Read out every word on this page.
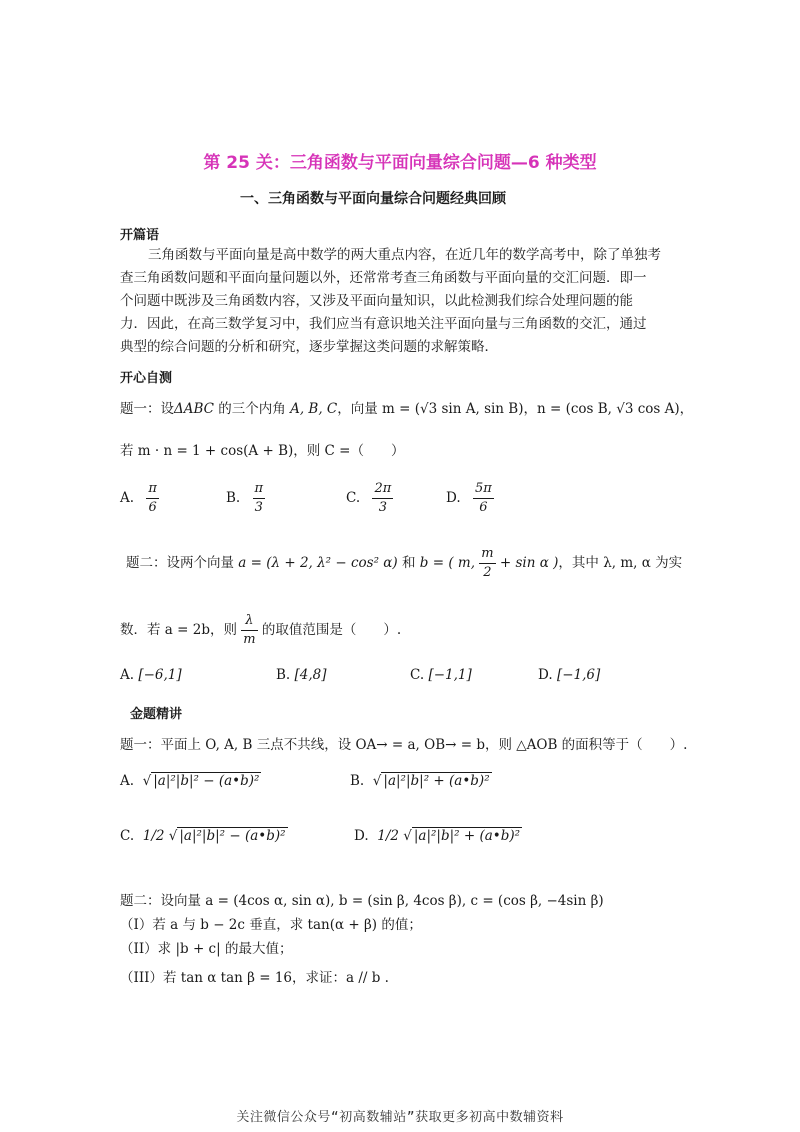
第 25 关：三角函数与平面向量综合问题—6 种类型
一、三角函数与平面向量综合问题经典回顾
开篇语

三角函数与平面向量是高中数学的两大重点内容，在近几年的数学高考中，除了单独考

查三角函数问题和平面向量问题以外，还常常考查三角函数与平面向量的交汇问题．即一

个问题中既涉及三角函数内容，又涉及平面向量知识，以此检测我们综合处理问题的能

力．因此，在高三数学复习中，我们应当有意识地关注平面向量与三角函数的交汇，通过

典型的综合问题的分析和研究，逐步掌握这类问题的求解策略．

开心自测
题一：设ΔABC 的三个内角 A, B, C，向量 m = (√3 sin A, sin B)，n = (cos B, √3 cos A)，
若 m · n = 1 + cos(A + B)，则 C =（　　）
A. $\frac{\pi}{6}$	B. $\frac{\pi}{3}$	C. $\frac{2\pi}{3}$	D. $\frac{5\pi}{6}$
题二：设两个向量 a = (λ + 2, λ² − cos² α) 和 b = ( m, $\frac{m}{2} + \sin \alpha$ )，其中 λ, m, α 为实
数．若 a = 2b，则 $\frac{\lambda}{m}$ 的取值范围是（　　）.
A. [−6,1]	B. [4,8]	C. [−1,1]	D. [−1,6]
金题精讲
题一：平面上 O, A, B 三点不共线，设 OA→ = a, OB→ = b，则 △AOB 的面积等于（　　）.
A.  √ |a|²|b|² − (a•b)²	B.  √ |a|²|b|² + (a•b)²
C. 1/2 √ |a|²|b|² − (a•b)²	D. 1/2 √ |a|²|b|² + (a•b)²
题二：设向量 a = (4cos α, sin α), b = (sin β, 4cos β), c = (cos β, −4sin β)
（I）若 a 与 b − 2c 垂直，求 tan(α + β) 的值；
（II）求 |b + c| 的最大值；
（III）若 tan α tan β = 16，求证：a // b .
关注微信公众号“初高数辅站”获取更多初高中数辅资料
